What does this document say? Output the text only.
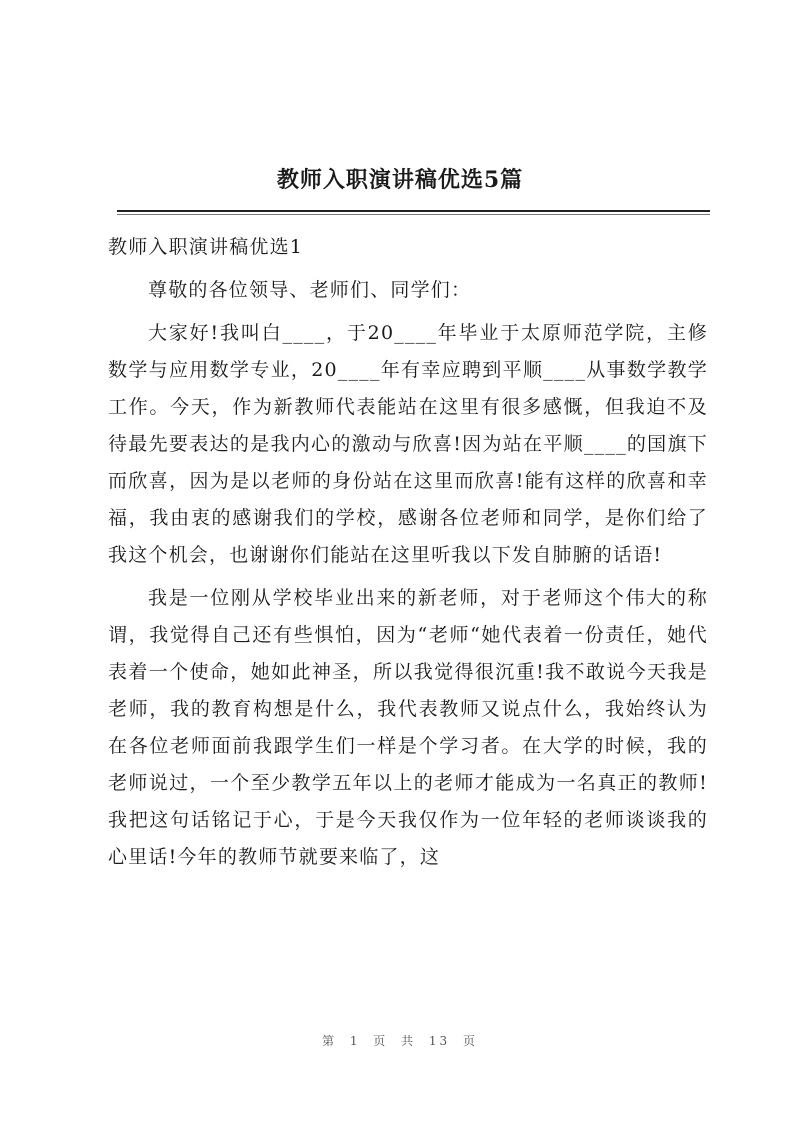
教师入职演讲稿优选5篇
教师入职演讲稿优选1

尊敬的各位领导、老师们、同学们：

大家好!我叫白____，于20____年毕业于太原师范学院，主修数学与应用数学专业，20____年有幸应聘到平顺____从事数学教学工作。今天，作为新教师代表能站在这里有很多感慨，但我迫不及待最先要表达的是我内心的激动与欣喜!因为站在平顺____的国旗下而欣喜，因为是以老师的身份站在这里而欣喜!能有这样的欣喜和幸福，我由衷的感谢我们的学校，感谢各位老师和同学，是你们给了我这个机会，也谢谢你们能站在这里听我以下发自肺腑的话语!

我是一位刚从学校毕业出来的新老师，对于老师这个伟大的称谓，我觉得自己还有些惧怕，因为“老师“她代表着一份责任，她代表着一个使命，她如此神圣，所以我觉得很沉重!我不敢说今天我是老师，我的教育构想是什么，我代表教师又说点什么，我始终认为在各位老师面前我跟学生们一样是个学习者。在大学的时候，我的老师说过，一个至少教学五年以上的老师才能成为一名真正的教师!我把这句话铭记于心，于是今天我仅作为一位年轻的老师谈谈我的心里话!今年的教师节就要来临了，这

第 1 页 共 13 页
